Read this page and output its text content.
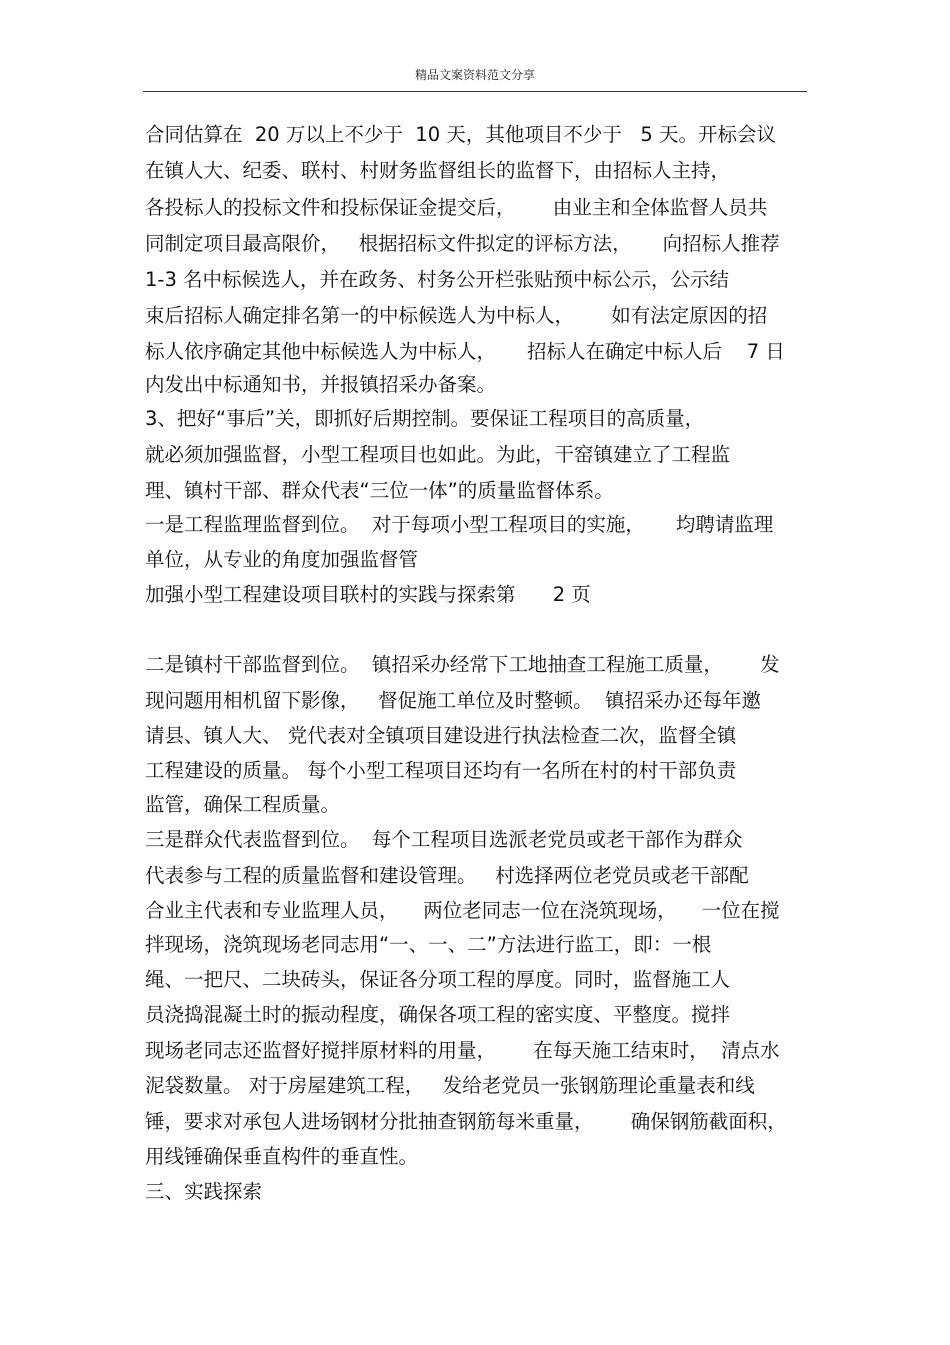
精品文案资料范文分享
合同估算在  20 万以上不少于  10 天，其他项目不少于   5 天。开标会议
在镇人大、纪委、联村、村财务监督组长的监督下，由招标人主持，
各投标人的投标文件和投标保证金提交后，      由业主和全体监督人员共
同制定项目最高限价，   根据招标文件拟定的评标方法，     向招标人推荐
1-3 名中标候选人，并在政务、村务公开栏张贴预中标公示，公示结
束后招标人确定排名第一的中标候选人为中标人，      如有法定原因的招
标人依序确定其他中标候选人为中标人，     招标人在确定中标人后    7 日
内发出中标通知书，并报镇招采办备案。
3、把好“事后”关，即抓好后期控制。要保证工程项目的高质量，
就必须加强监督，小型工程项目也如此。为此，干窑镇建立了工程监
理、镇村干部、群众代表“三位一体”的质量监督体系。
一是工程监理监督到位。  对于每项小型工程项目的实施，     均聘请监理
单位，从专业的角度加强监督管
加强小型工程建设项目联村的实践与探索第      2 页
二是镇村干部监督到位。  镇招采办经常下工地抽查工程施工质量，      发
现问题用相机留下影像，   督促施工单位及时整顿。  镇招采办还每年邀
请县、镇人大、 党代表对全镇项目建设进行执法检查二次，监督全镇
工程建设的质量。 每个小型工程项目还均有一名所在村的村干部负责
监管，确保工程质量。
三是群众代表监督到位。  每个工程项目选派老党员或老干部作为群众
代表参与工程的质量监督和建设管理。   村选择两位老党员或老干部配
合业主代表和专业监理人员，    两位老同志一位在浇筑现场，    一位在搅
拌现场，浇筑现场老同志用“一、一、二”方法进行监工，即：一根
绳、一把尺、二块砖头，保证各分项工程的厚度。同时，监督施工人
员浇捣混凝土时的振动程度，确保各项工程的密实度、平整度。搅拌
现场老同志还监督好搅拌原材料的用量，      在每天施工结束时，  清点水
泥袋数量。 对于房屋建筑工程，   发给老党员一张钢筋理论重量表和线
锤，要求对承包人进场钢材分批抽查钢筋每米重量，      确保钢筋截面积，
用线锤确保垂直构件的垂直性。
三、实践探索
